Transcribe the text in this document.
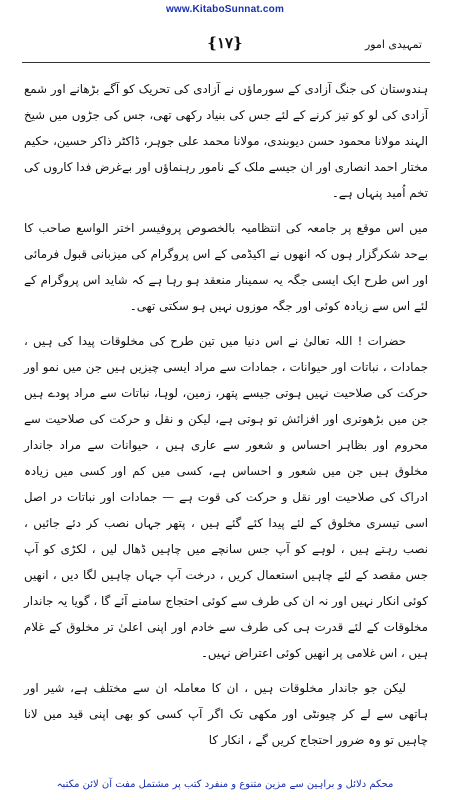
www.KitaboSunnat.com
{۱۷}	تمہیدی امور

ہندوستان کی جنگ آزادی کے سورماؤں نے آزادی کی تحریک کو آگے بڑھانے اور شمع آزادی کی لو کو تیز کرنے کے لئے جس کی بنیاد رکھی تھی، جس کی جڑوں میں شیخ الہند مولانا محمود حسن دیوبندی، مولانا محمد علی جوہر، ڈاکٹر ذاکر حسین، حکیم مختار احمد انصاری اور ان جیسے ملک کے نامور رہنماؤں اور بےغرض فدا کاروں کی تخم اُمید پنہاں ہے۔

میں اس موقع پر جامعہ کی انتظامیہ بالخصوص پروفیسر اختر الواسع صاحب کا بےحد شکرگزار ہوں کہ انھوں نے اکیڈمی کے اس پروگرام کی میزبانی قبول فرمائی اور اس طرح ایک ایسی جگہ یہ سمینار منعقد ہو رہا ہے کہ شاید اس پروگرام کے لئے اس سے زیادہ کوئی اور جگہ موزوں نہیں ہو سکتی تھی۔

حضرات ! اللہ تعالیٰ نے اس دنیا میں تین طرح کی مخلوقات پیدا کی ہیں ، جمادات ، نباتات اور حیوانات ، جمادات سے مراد ایسی چیزیں ہیں جن میں نمو اور حرکت کی صلاحیت نہیں ہوتی جیسے پتھر، زمین، لوہا، نباتات سے مراد پودے ہیں جن میں بڑھوتری اور افزائش تو ہوتی ہے، لیکن و نقل و حرکت کی صلاحیت سے محروم اور بظاہر احساس و شعور سے عاری ہیں ، حیوانات سے مراد جاندار مخلوق ہیں جن میں شعور و احساس ہے، کسی میں کم اور کسی میں زیادہ ادراک کی صلاحیت اور نقل و حرکت کی قوت ہے — جمادات اور نباتات در اصل اسی تیسری مخلوق کے لئے پیدا کئے گئے ہیں ، پتھر جہاں نصب کر دئے جائیں ، نصب رہتے ہیں ، لوہے کو آپ جس سانچے میں چاہیں ڈھال لیں ، لکڑی کو آپ جس مقصد کے لئے چاہیں استعمال کریں ، درخت آپ جہاں چاہیں لگا دیں ، انھیں کوئی انکار نہیں اور نہ ان کی طرف سے کوئی احتجاج سامنے آئے گا ، گویا یہ جاندار مخلوقات کے لئے قدرت ہی کی طرف سے خادم اور اپنی اعلیٰ تر مخلوق کے غلام ہیں ، اس غلامی پر انھیں کوئی اعتراض نہیں۔

لیکن جو جاندار مخلوقات ہیں ، ان کا معاملہ ان سے مختلف ہے، شیر اور ہاتھی سے لے کر چیونٹی اور مکھی تک اگر آپ کسی کو بھی اپنی قید میں لانا چاہیں تو وہ ضرور احتجاج کریں گے ، انکار کا

محکم دلائل و براہین سے مزین متنوع و منفرد کتب پر مشتمل مفت آن لائن مکتبہ
